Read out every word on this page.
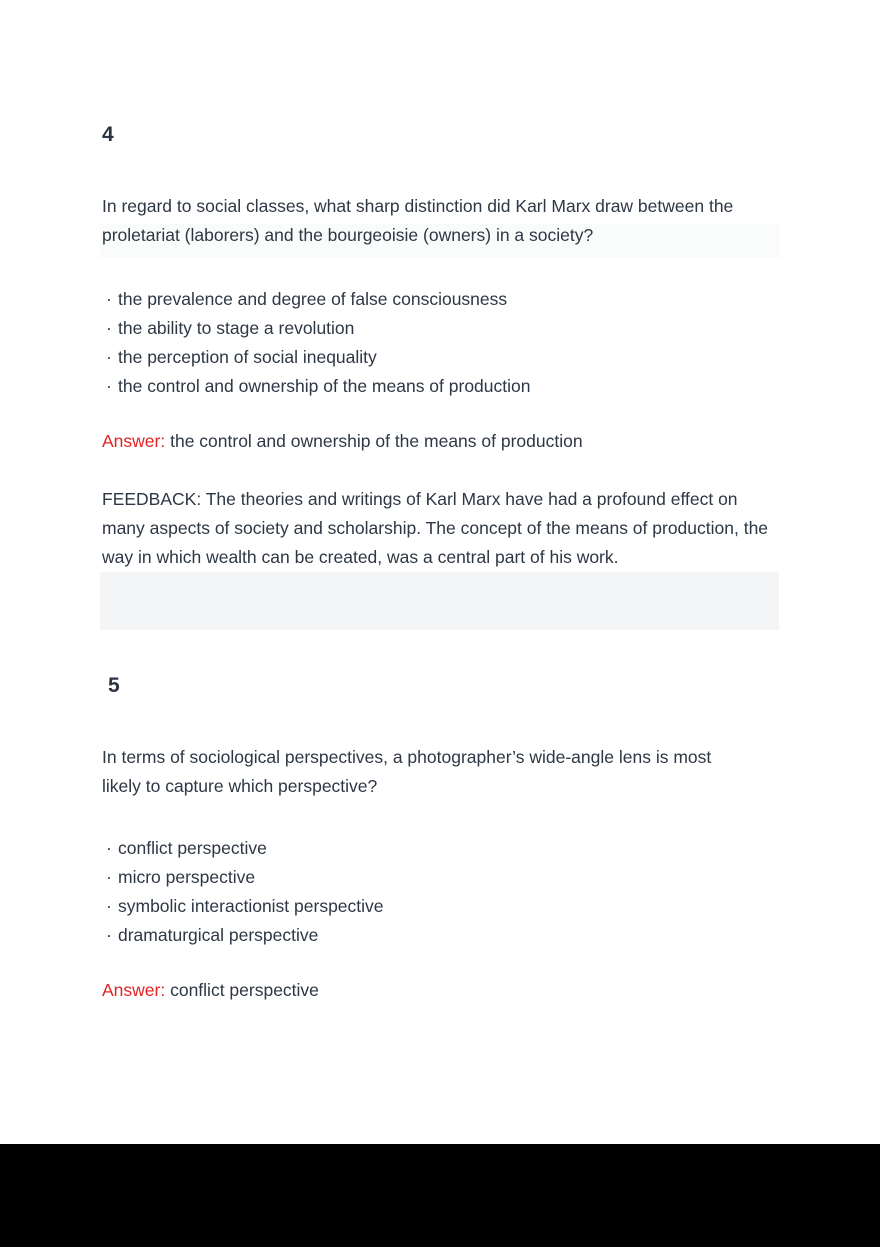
4
In regard to social classes, what sharp distinction did Karl Marx draw between the proletariat (laborers) and the bourgeoisie (owners) in a society?
· the prevalence and degree of false consciousness
· the ability to stage a revolution
· the perception of social inequality
· the control and ownership of the means of production
Answer: the control and ownership of the means of production
FEEDBACK: The theories and writings of Karl Marx have had a profound effect on many aspects of society and scholarship. The concept of the means of production, the way in which wealth can be created, was a central part of his work.
5
In terms of sociological perspectives, a photographer’s wide-angle lens is most likely to capture which perspective?
· conflict perspective
· micro perspective
· symbolic interactionist perspective
· dramaturgical perspective
Answer: conflict perspective
